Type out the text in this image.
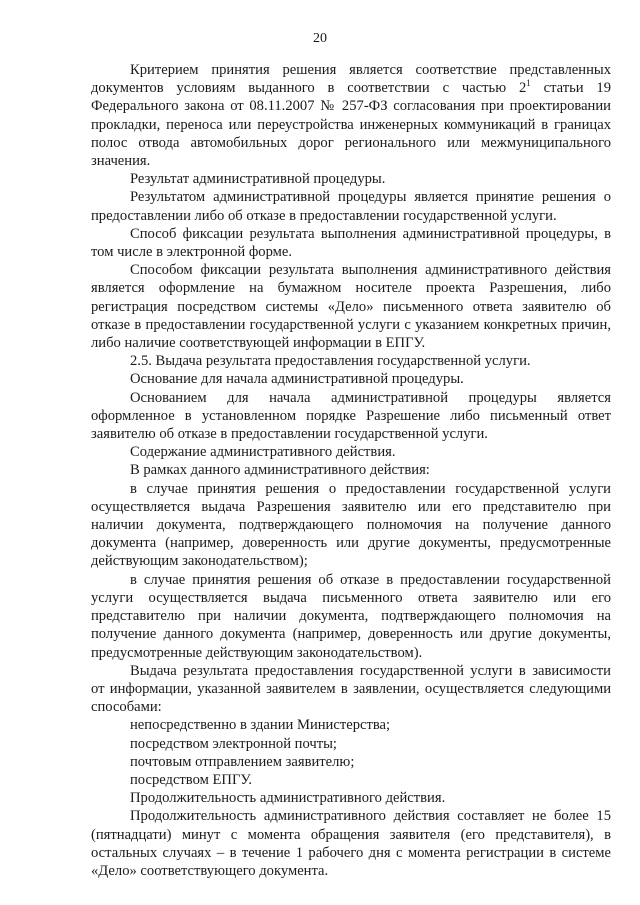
20

Критерием принятия решения является соответствие представленных документов условиям выданного в соответствии с частью $2^1$ статьи 19 Федерального закона от 08.11.2007 № 257-ФЗ согласования при проектировании прокладки, переноса или переустройства инженерных коммуникаций в границах полос отвода автомобильных дорог регионального или межмуниципального значения.

Результат административной процедуры.

Результатом административной процедуры является принятие решения о предоставлении либо об отказе в предоставлении государственной услуги.

Способ фиксации результата выполнения административной процедуры, в том числе в электронной форме.

Способом фиксации результата выполнения административного действия является оформление на бумажном носителе проекта Разрешения, либо регистрация посредством системы «Дело» письменного ответа заявителю об отказе в предоставлении государственной услуги с указанием конкретных причин, либо наличие соответствующей информации в ЕПГУ.

2.5. Выдача результата предоставления государственной услуги.

Основание для начала административной процедуры.

Основанием для начала административной процедуры является оформленное в установленном порядке Разрешение либо письменный ответ заявителю об отказе в предоставлении государственной услуги.

Содержание административного действия.

В рамках данного административного действия:

в случае принятия решения о предоставлении государственной услуги осуществляется выдача Разрешения заявителю или его представителю при наличии документа, подтверждающего полномочия на получение данного документа (например, доверенность или другие документы, предусмотренные действующим законодательством);

в случае принятия решения об отказе в предоставлении государственной услуги осуществляется выдача письменного ответа заявителю или его представителю при наличии документа, подтверждающего полномочия на получение данного документа (например, доверенность или другие документы, предусмотренные действующим законодательством).

Выдача результата предоставления государственной услуги в зависимости от информации, указанной заявителем в заявлении, осуществляется следующими способами:

непосредственно в здании Министерства;

посредством электронной почты;

почтовым отправлением заявителю;

посредством ЕПГУ.

Продолжительность административного действия.

Продолжительность административного действия составляет не более 15 (пятнадцати) минут с момента обращения заявителя (его представителя), в остальных случаях – в течение 1 рабочего дня с момента регистрации в системе «Дело» соответствующего документа.
